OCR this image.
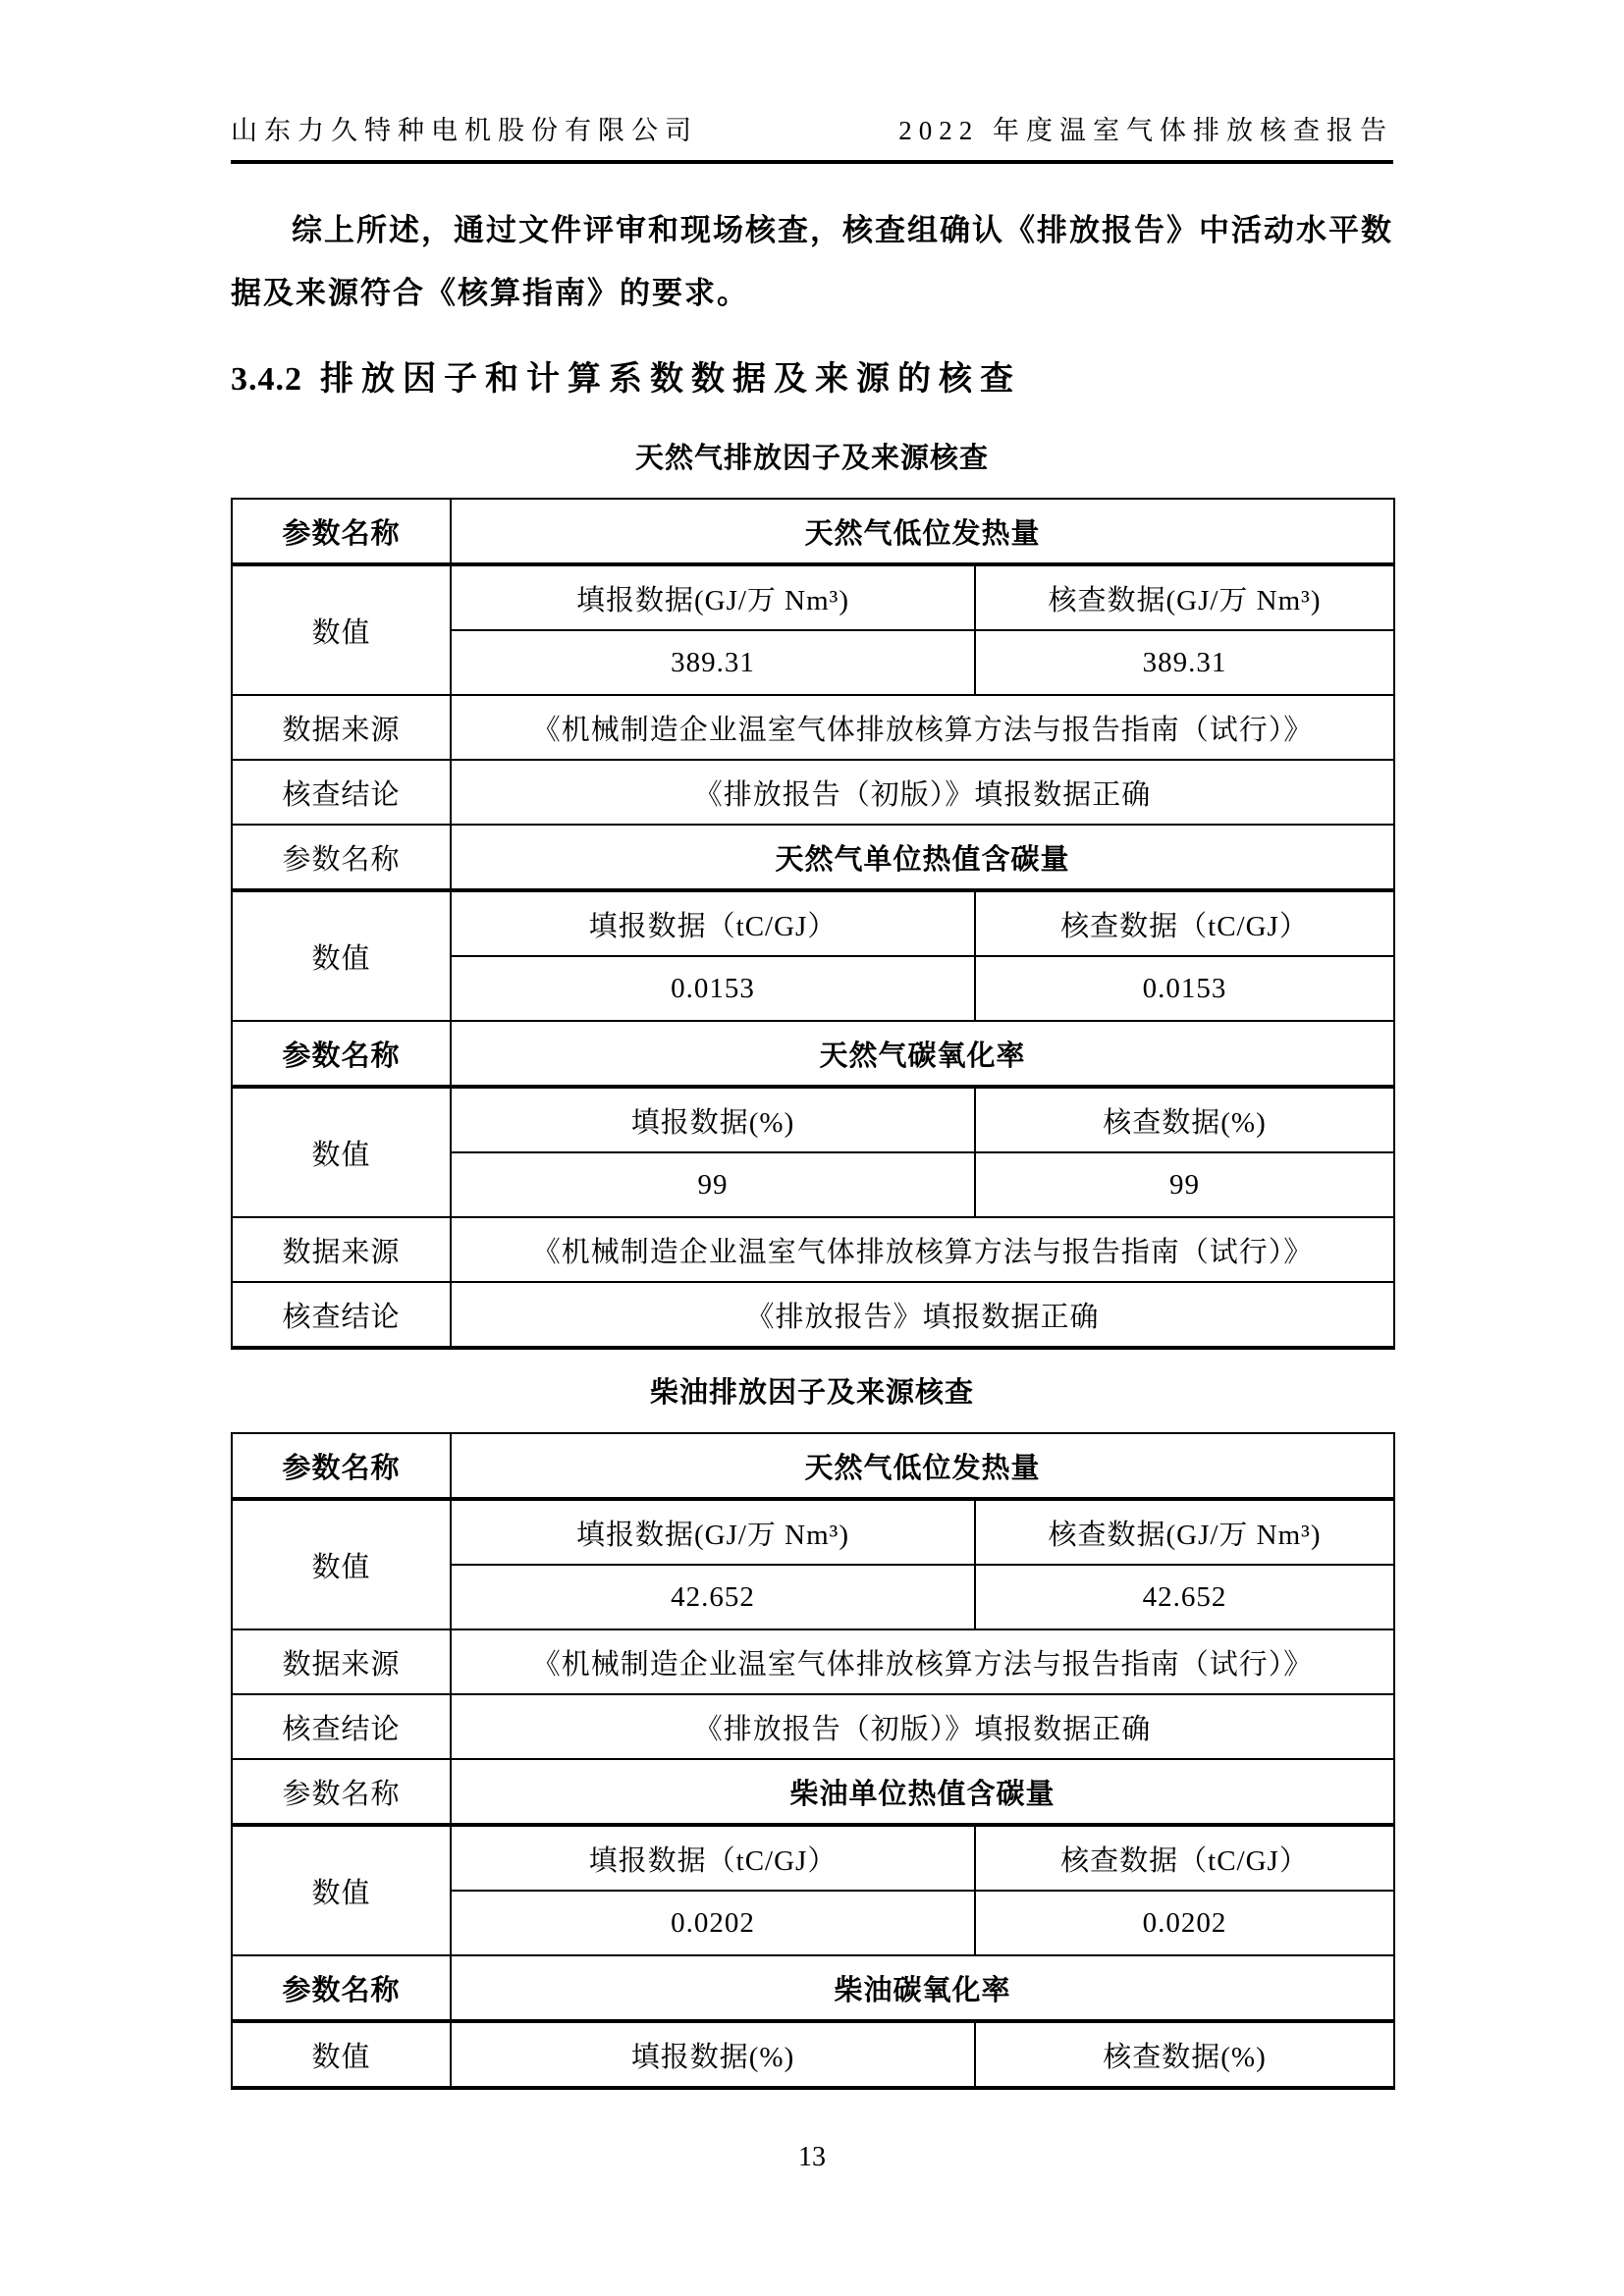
山东力久特种电机股份有限公司	2022 年度温室气体排放核查报告

综上所述，通过文件评审和现场核查，核查组确认《排放报告》中活动水平数据及来源符合《核算指南》的要求。

3.4.2 排放因子和计算系数数据及来源的核查
天然气排放因子及来源核查
参数名称	天然气低位发热量	
数值	填报数据(GJ/万 Nm³)	核查数据(GJ/万 Nm³)
	389.31	389.31
数据来源	《机械制造企业温室气体排放核算方法与报告指南（试行）》	
核查结论	《排放报告（初版）》填报数据正确	
参数名称	天然气单位热值含碳量	
数值	填报数据（tC/GJ）	核查数据（tC/GJ）
	0.0153	0.0153
参数名称	天然气碳氧化率	
数值	填报数据(%)	核查数据(%)
	99	99
数据来源	《机械制造企业温室气体排放核算方法与报告指南（试行）》	
核查结论	《排放报告》填报数据正确	
柴油排放因子及来源核查
参数名称	天然气低位发热量	
数值	填报数据(GJ/万 Nm³)	核查数据(GJ/万 Nm³)
	42.652	42.652
数据来源	《机械制造企业温室气体排放核算方法与报告指南（试行）》	
核查结论	《排放报告（初版）》填报数据正确	
参数名称	柴油单位热值含碳量	
数值	填报数据（tC/GJ）	核查数据（tC/GJ）
	0.0202	0.0202
参数名称	柴油碳氧化率	
数值	填报数据(%)	核查数据(%)
13
